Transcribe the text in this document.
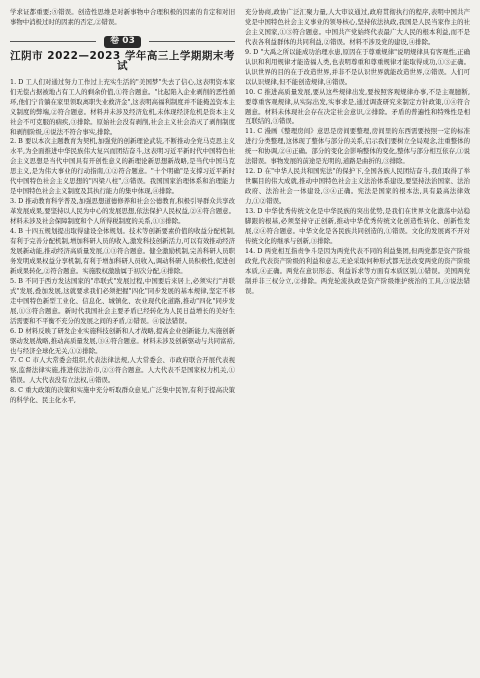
学求证都重要;⑤错误。创造性思维是对新事物中合理积极的因素的肯定和对旧事物中消极过时的因素的否定,②错误。

卷 03
江阴市 2022—2023 学年高三上学期期末考试

1. D 工人们对通过努力工作过上充实生活的"美国梦"失去了信心,这表明资本家们无偿占据被地占有工人的剩余价值,①符合题意。"比起陷入企业剥削的恶性循环,他们宁肯躺在家里领取离职失业救济金",这表明高福利制度并不能掩盖资本主义制度的弊端,②符合题意。材料并未涉及经济危机,未体现经济危机是资本主义社会不可克服的痼疾,③排除。原始社会没有剥削,社会主义社会消灭了剥削制度和剥削阶级,④说法不符合事实,排除。

2. B 要以本次主题教育为契机,加强党的创新理论武装,不断推动全党马克思主义水平,为全面推进中华民族伟大复兴而团结奋斗,这表明习近平新时代中国特色社会主义思想是当代中国具有开创性意义的新理论新思想新战略,是当代中国马克思主义,是为伟大事业的行动指南,①②符合题意。"十个明确"是支撑习近平新时代中国特色社会主义思想的"四梁八柱",③错误。我国国家治理体系和治理能力是中国特色社会主义制度及其执行能力的集中体现,④排除。

3. D 推动教育科学普及,加强思想道德修养和社会公德教育,积极引导群众共享改革发展成果,要坚持以人民为中心的发展思想,依法保护人民权益,②④符合题意。材料未涉及社会保障制度和个人所得税制度的关系,①③排除。

4. B 十四五规划提出取得建设全体规划。技术等创新要素价值的收益分配机制,有利于完善分配机制,增加科研人员的收入,激发科技创新活力,可以有效推动经济发展新动能,推动经济高质量发展,①③符合题意。健全激励机制,完善科研人员职务发明成果权益分享机制,有利于增加科研人员收入,调动科研人员积极性,促进创新成果转化,②符合题意。实施股权激励属于初次分配,④排除。

5. B 不同于西方发达国家的"串联式"发展过程,中国要后来居上,必须实行"并联式"发展,叠加发展,这就要求我们必须把握"四化"同步发展的基本规律,坚定不移走中国特色新型工业化、信息化、城镇化、农业现代化道路,推动"四化"同步发展,①③符合题意。新时代我国社会主要矛盾已经转化为人民日益增长的美好生活需要和不平衡不充分的发展之间的矛盾,②错误。④说法错误。

6. D 材料反映了研发企业实施科技创新和人才战略,提高企业创新能力,实施创新驱动发展战略,推动高质量发展,③④符合题意。材料未涉及创新驱动与共同富裕,也与经济全球化无关,①②排除。

7. C C 市人大常委会组织,代表法律法规,人大常委会、市政府联合开展代表视察,监督法律实施,推进依法治市,②③符合题意。人大代表不是国家权力机关,①错误。人大代表没有立法权,④错误。

8. C 重大政策的决策和实施中充分听取群众意见,广泛集中民智,有利于提高决策的科学化、民主化水平,

充分协商,政协广泛汇聚力量,人大审议通过,政府贯彻执行的程序,表明中国共产党是中国特色社会主义事业的领导核心,坚持依法执政,我国是人民当家作主的社会主义国家,①③符合题意。中国共产党始终代表最广大人民的根本利益,而不是代表各利益群体的共同利益,②错误。材料不涉及党的建设,④排除。

9. D "大禹之所以能成功治理水患,原因在于尊重规律"说明规律具有客观性,正确认识和利用规律才能造福人类,也表明尊重和尊重规律才能取得成功,①③正确。认识世界的目的在于改造世界,并非不是认识世界就能改造世界,②错误。人们可以认识规律,但不能创造规律,④错误。

10. C 推进高质量发展,要从这些规律出发,要按照客观规律办事,不是主观臆断,要尊重客观规律,从实际出发,实事求是,通过调查研究来制定方针政策,①④符合题意。材料未体现社会存在决定社会意识,②排除。矛盾的普遍性和特殊性是相互联结的,③错误。

11. C 漫画《整理房间》意思是房间要整理,房间里的东西需要按照一定的标准进行分类整理,这体现了整体与部分的关系,启示我们要树立全局观念,注重整体的统一和协调,②④正确。部分的变化会影响整体的变化,整体与部分相互依存,①说法错误。事物发展的前途是光明的,道路是曲折的,③排除。

12. D 在"中华人民共和国宪法"的保护下,全国各族人民团结奋斗,我们取得了举世瞩目的伟大成就,推动中国特色社会主义法治体系建设,要坚持法治国家、法治政府、法治社会一体建设,③④正确。宪法是国家的根本法,具有最高法律效力,①②错误。

13. D 中华优秀传统文化是中华民族的突出优势,是我们在世界文化激荡中站稳脚跟的根基,必须坚持守正创新,推动中华优秀传统文化创造性转化、创新性发展,②④符合题意。中华文化是各民族共同创造的,①错误。文化的发展离不开对传统文化的继承与创新,③排除。

14. D 两党相互指责争斗是因为两党代表不同的利益集团,但两党都是资产阶级政党,代表资产阶级的利益和意志,无论采取何种形式都无法改变两党的资产阶级本质,④正确。两党在意识形态、利益诉求等方面有本质区别,①错误。美国两党制并非三权分立,②排除。两党轮流执政是资产阶级维护统治的工具,③说法错误。
